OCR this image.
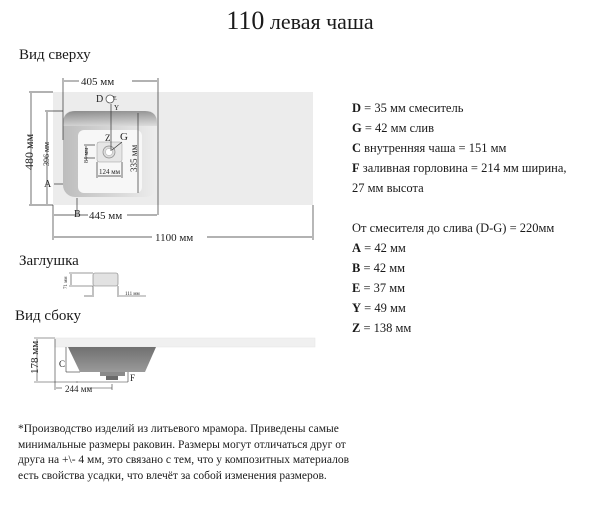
110 левая чаша
Вид сверху
Заглушка
Вид сбоку
405 мм
D E
Y
Z G
A
B
480 мм 396 мм	335 мм
84 мм
124 мм
445 мм
1100 мм
71 мм
111 мм
178 мм C
F
244 мм
D = 35 мм смеситель
G = 42 мм слив
C внутренняя чаша = 151 мм
F заливная горловина = 214 мм ширина,
27 мм высота
От смесителя до слива (D-G) = 220мм
A = 42 мм
B = 42 мм
E = 37 мм
Y = 49 мм
Z = 138 мм
*Производство изделий из литьевого мрамора. Приведены самые минимальные размеры раковин. Размеры могут отличаться друг от друга на +\- 4 мм, это связано с тем, что у композитных материалов есть свойства усадки, что влечёт за собой изменения размеров.
